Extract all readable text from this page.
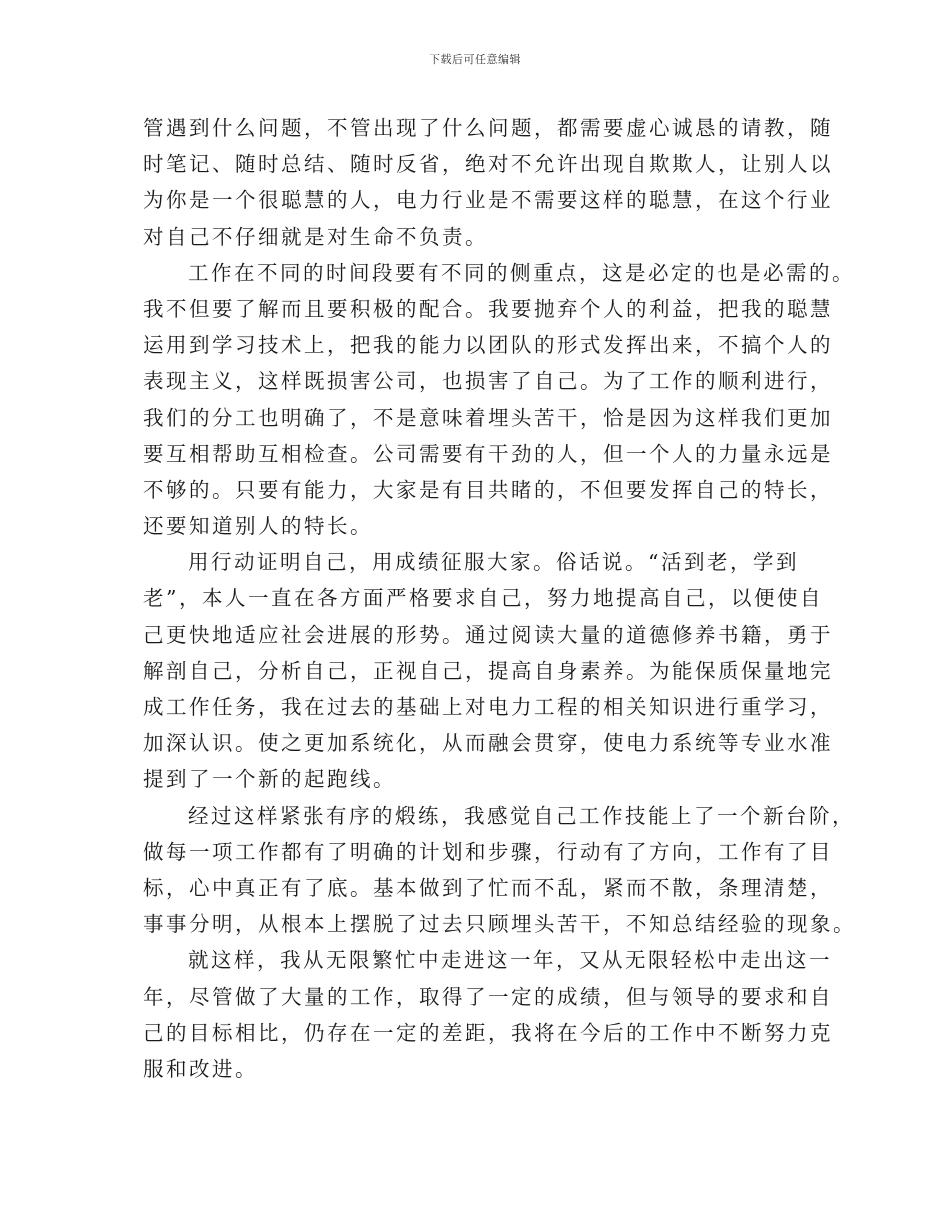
下载后可任意编辑
管遇到什么问题，不管出现了什么问题，都需要虚心诚恳的请教，随
时笔记、随时总结、随时反省，绝对不允许出现自欺欺人，让别人以
为你是一个很聪慧的人，电力行业是不需要这样的聪慧，在这个行业
对自己不仔细就是对生命不负责。
工作在不同的时间段要有不同的侧重点，这是必定的也是必需的。
我不但要了解而且要积极的配合。我要抛弃个人的利益，把我的聪慧
运用到学习技术上，把我的能力以团队的形式发挥出来，不搞个人的
表现主义，这样既损害公司，也损害了自己。为了工作的顺利进行，
我们的分工也明确了，不是意味着埋头苦干，恰是因为这样我们更加
要互相帮助互相检查。公司需要有干劲的人，但一个人的力量永远是
不够的。只要有能力，大家是有目共睹的，不但要发挥自己的特长，
还要知道别人的特长。
用行动证明自己，用成绩征服大家。俗话说。“活到老，学到
老”，本人一直在各方面严格要求自己，努力地提高自己，以便使自
己更快地适应社会进展的形势。通过阅读大量的道德修养书籍，勇于
解剖自己，分析自己，正视自己，提高自身素养。为能保质保量地完
成工作任务，我在过去的基础上对电力工程的相关知识进行重学习，
加深认识。使之更加系统化，从而融会贯穿，使电力系统等专业水准
提到了一个新的起跑线。
经过这样紧张有序的煅练，我感觉自己工作技能上了一个新台阶，
做每一项工作都有了明确的计划和步骤，行动有了方向，工作有了目
标，心中真正有了底。基本做到了忙而不乱，紧而不散，条理清楚，
事事分明，从根本上摆脱了过去只顾埋头苦干，不知总结经验的现象。
就这样，我从无限繁忙中走进这一年，又从无限轻松中走出这一
年，尽管做了大量的工作，取得了一定的成绩，但与领导的要求和自
己的目标相比，仍存在一定的差距，我将在今后的工作中不断努力克
服和改进。
